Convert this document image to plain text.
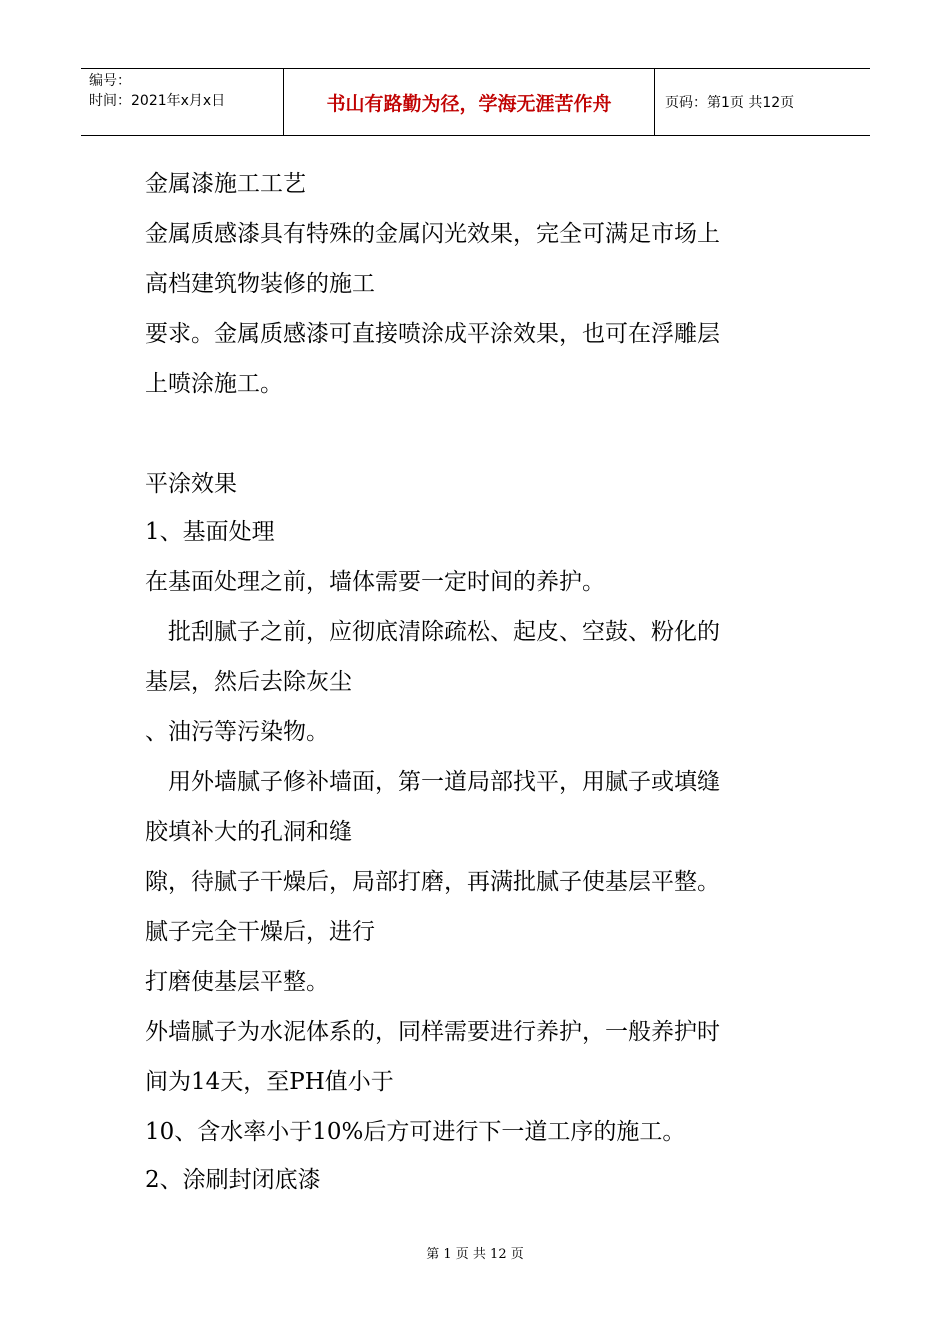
编号：
时间：2021年x月x日	书山有路勤为径，学海无涯苦作舟	页码：第1页 共12页
金属漆施工工艺
金属质感漆具有特殊的金属闪光效果，完全可满足市场上
高档建筑物装修的施工
要求。金属质感漆可直接喷涂成平涂效果，也可在浮雕层
上喷涂施工。
平涂效果
1、基面处理
在基面处理之前，墙体需要一定时间的养护。
　批刮腻子之前，应彻底清除疏松、起皮、空鼓、粉化的
基层，然后去除灰尘
、油污等污染物。
　用外墙腻子修补墙面，第一道局部找平，用腻子或填缝
胶填补大的孔洞和缝
隙，待腻子干燥后，局部打磨，再满批腻子使基层平整。
腻子完全干燥后，进行
打磨使基层平整。
外墙腻子为水泥体系的，同样需要进行养护，一般养护时
间为14天，至PH值小于
10、含水率小于10%后方可进行下一道工序的施工。
2、涂刷封闭底漆
第 1 页 共 12 页
